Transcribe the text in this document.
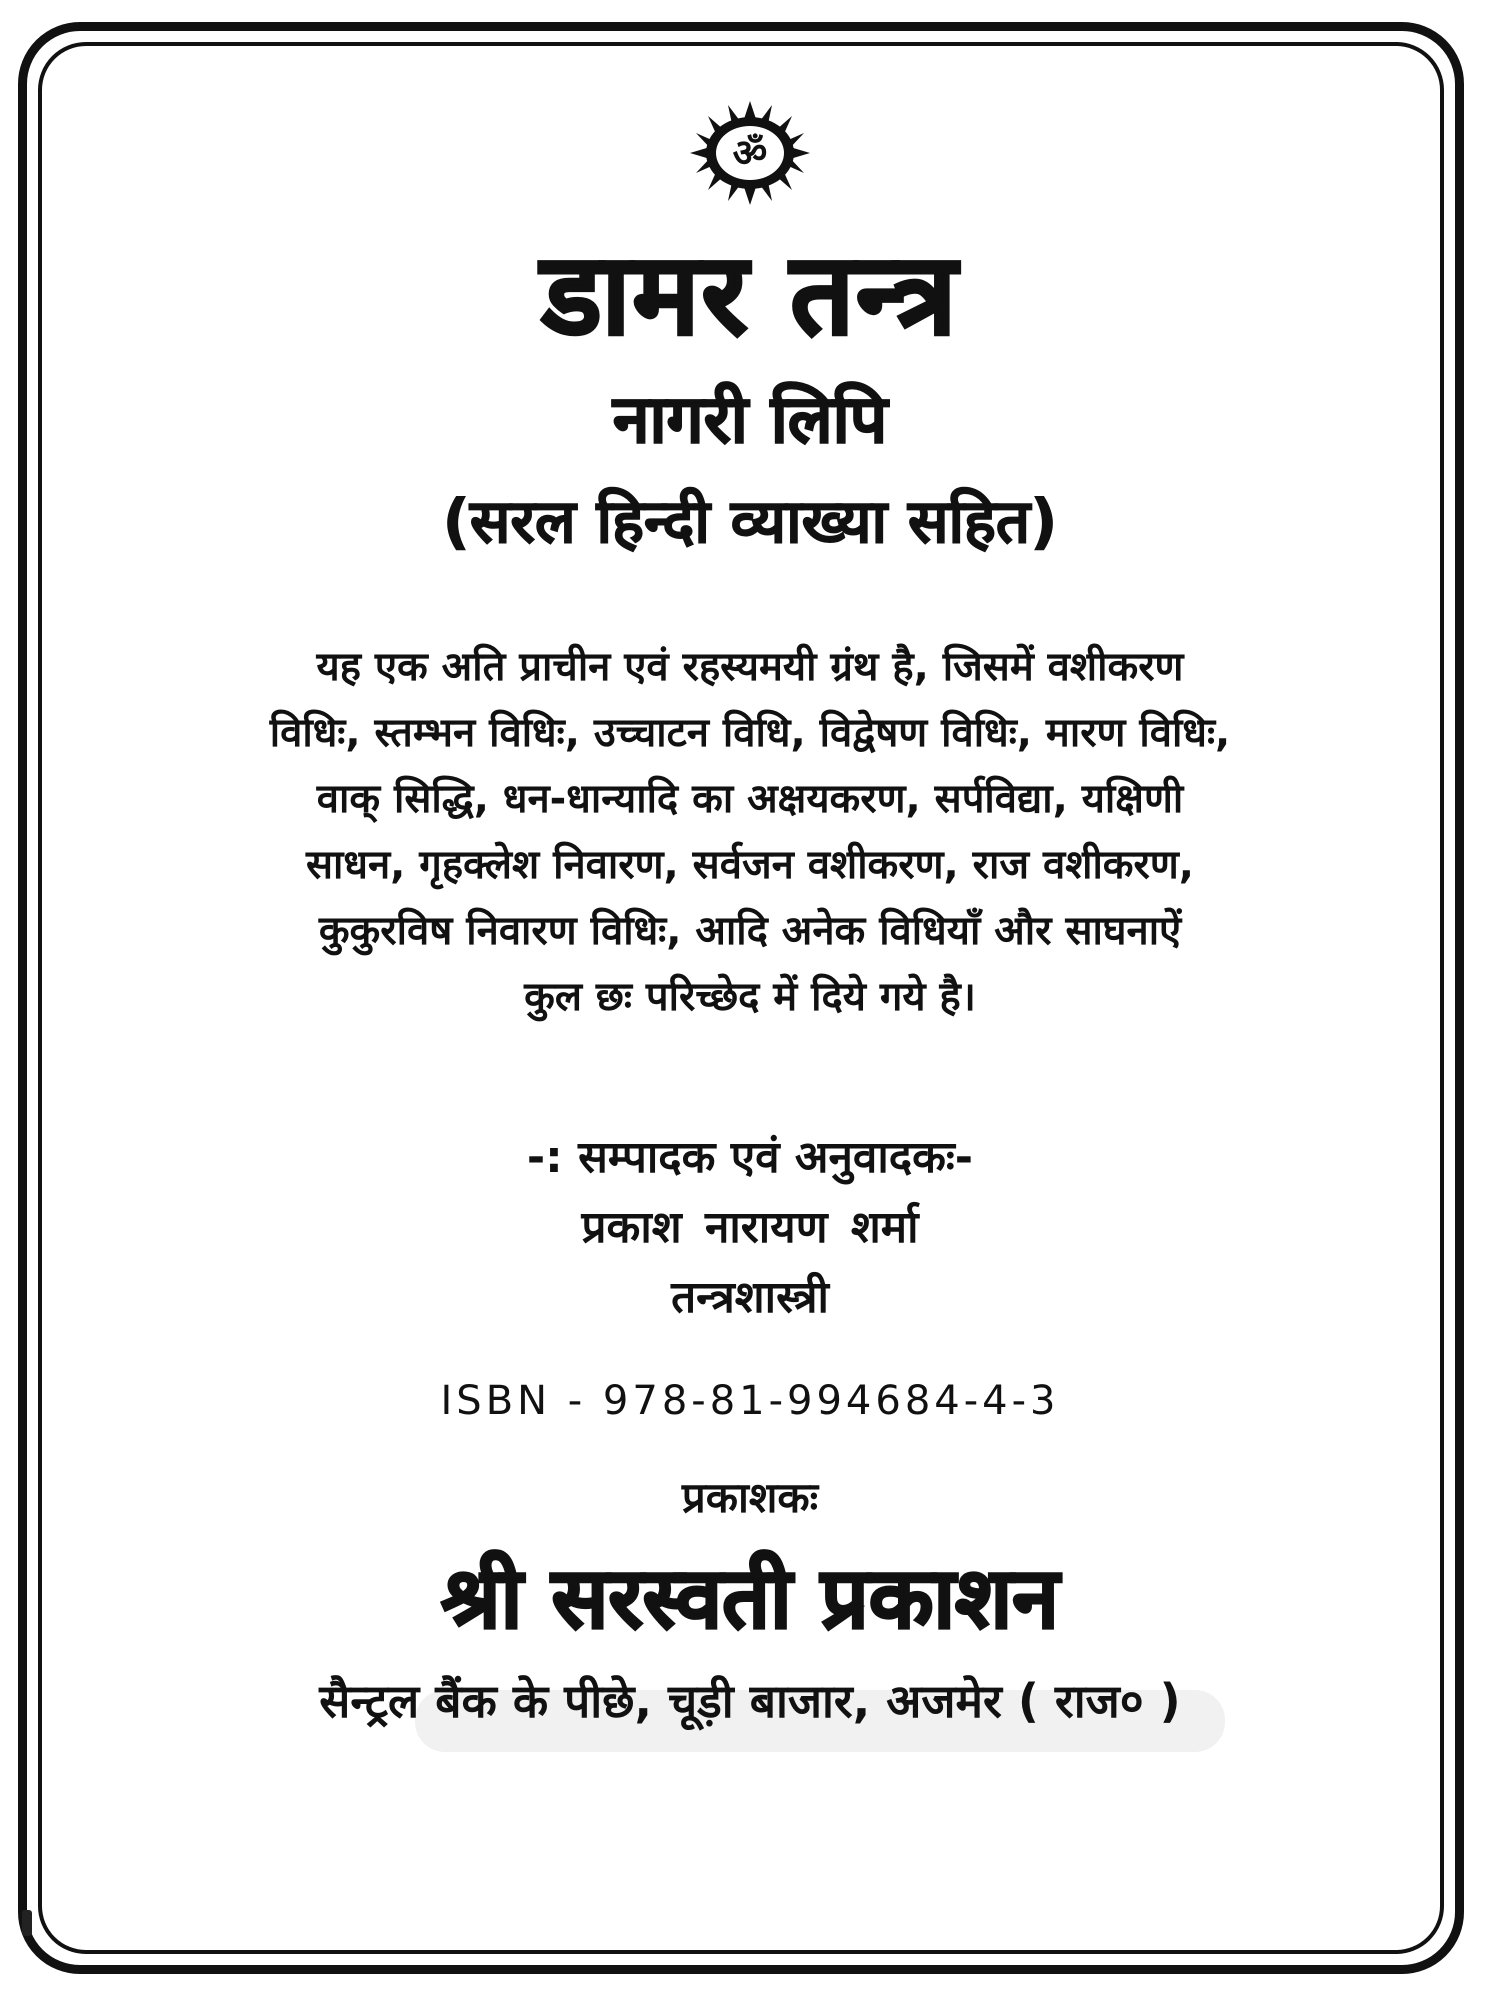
ॐ
डामर तन्त्र
नागरी लिपि
(सरल हिन्दी व्याख्या सहित)
यह एक अति प्राचीन एवं रहस्यमयी ग्रंथ है, जिसमें वशीकरण
विधिः, स्तम्भन विधिः, उच्चाटन विधि, विद्वेषण विधिः, मारण विधिः,
वाक् सिद्धि, धन-धान्यादि का अक्षयकरण, सर्पविद्या, यक्षिणी
साधन, गृहक्लेश निवारण, सर्वजन वशीकरण, राज वशीकरण,
कुकुरविष निवारण विधिः, आदि अनेक विधियाँ और साघनाऐं
कुल छः परिच्छेद में दिये गये है।
-: सम्पादक एवं अनुवादकः-
प्रकाश नारायण शर्मा
तन्त्रशास्त्री
ISBN - 978-81-994684-4-3
प्रकाशकः
श्री सरस्वती प्रकाशन
सैन्ट्रल बैंक के पीछे, चूड़ी बाजार, अजमेर ( राज० )
